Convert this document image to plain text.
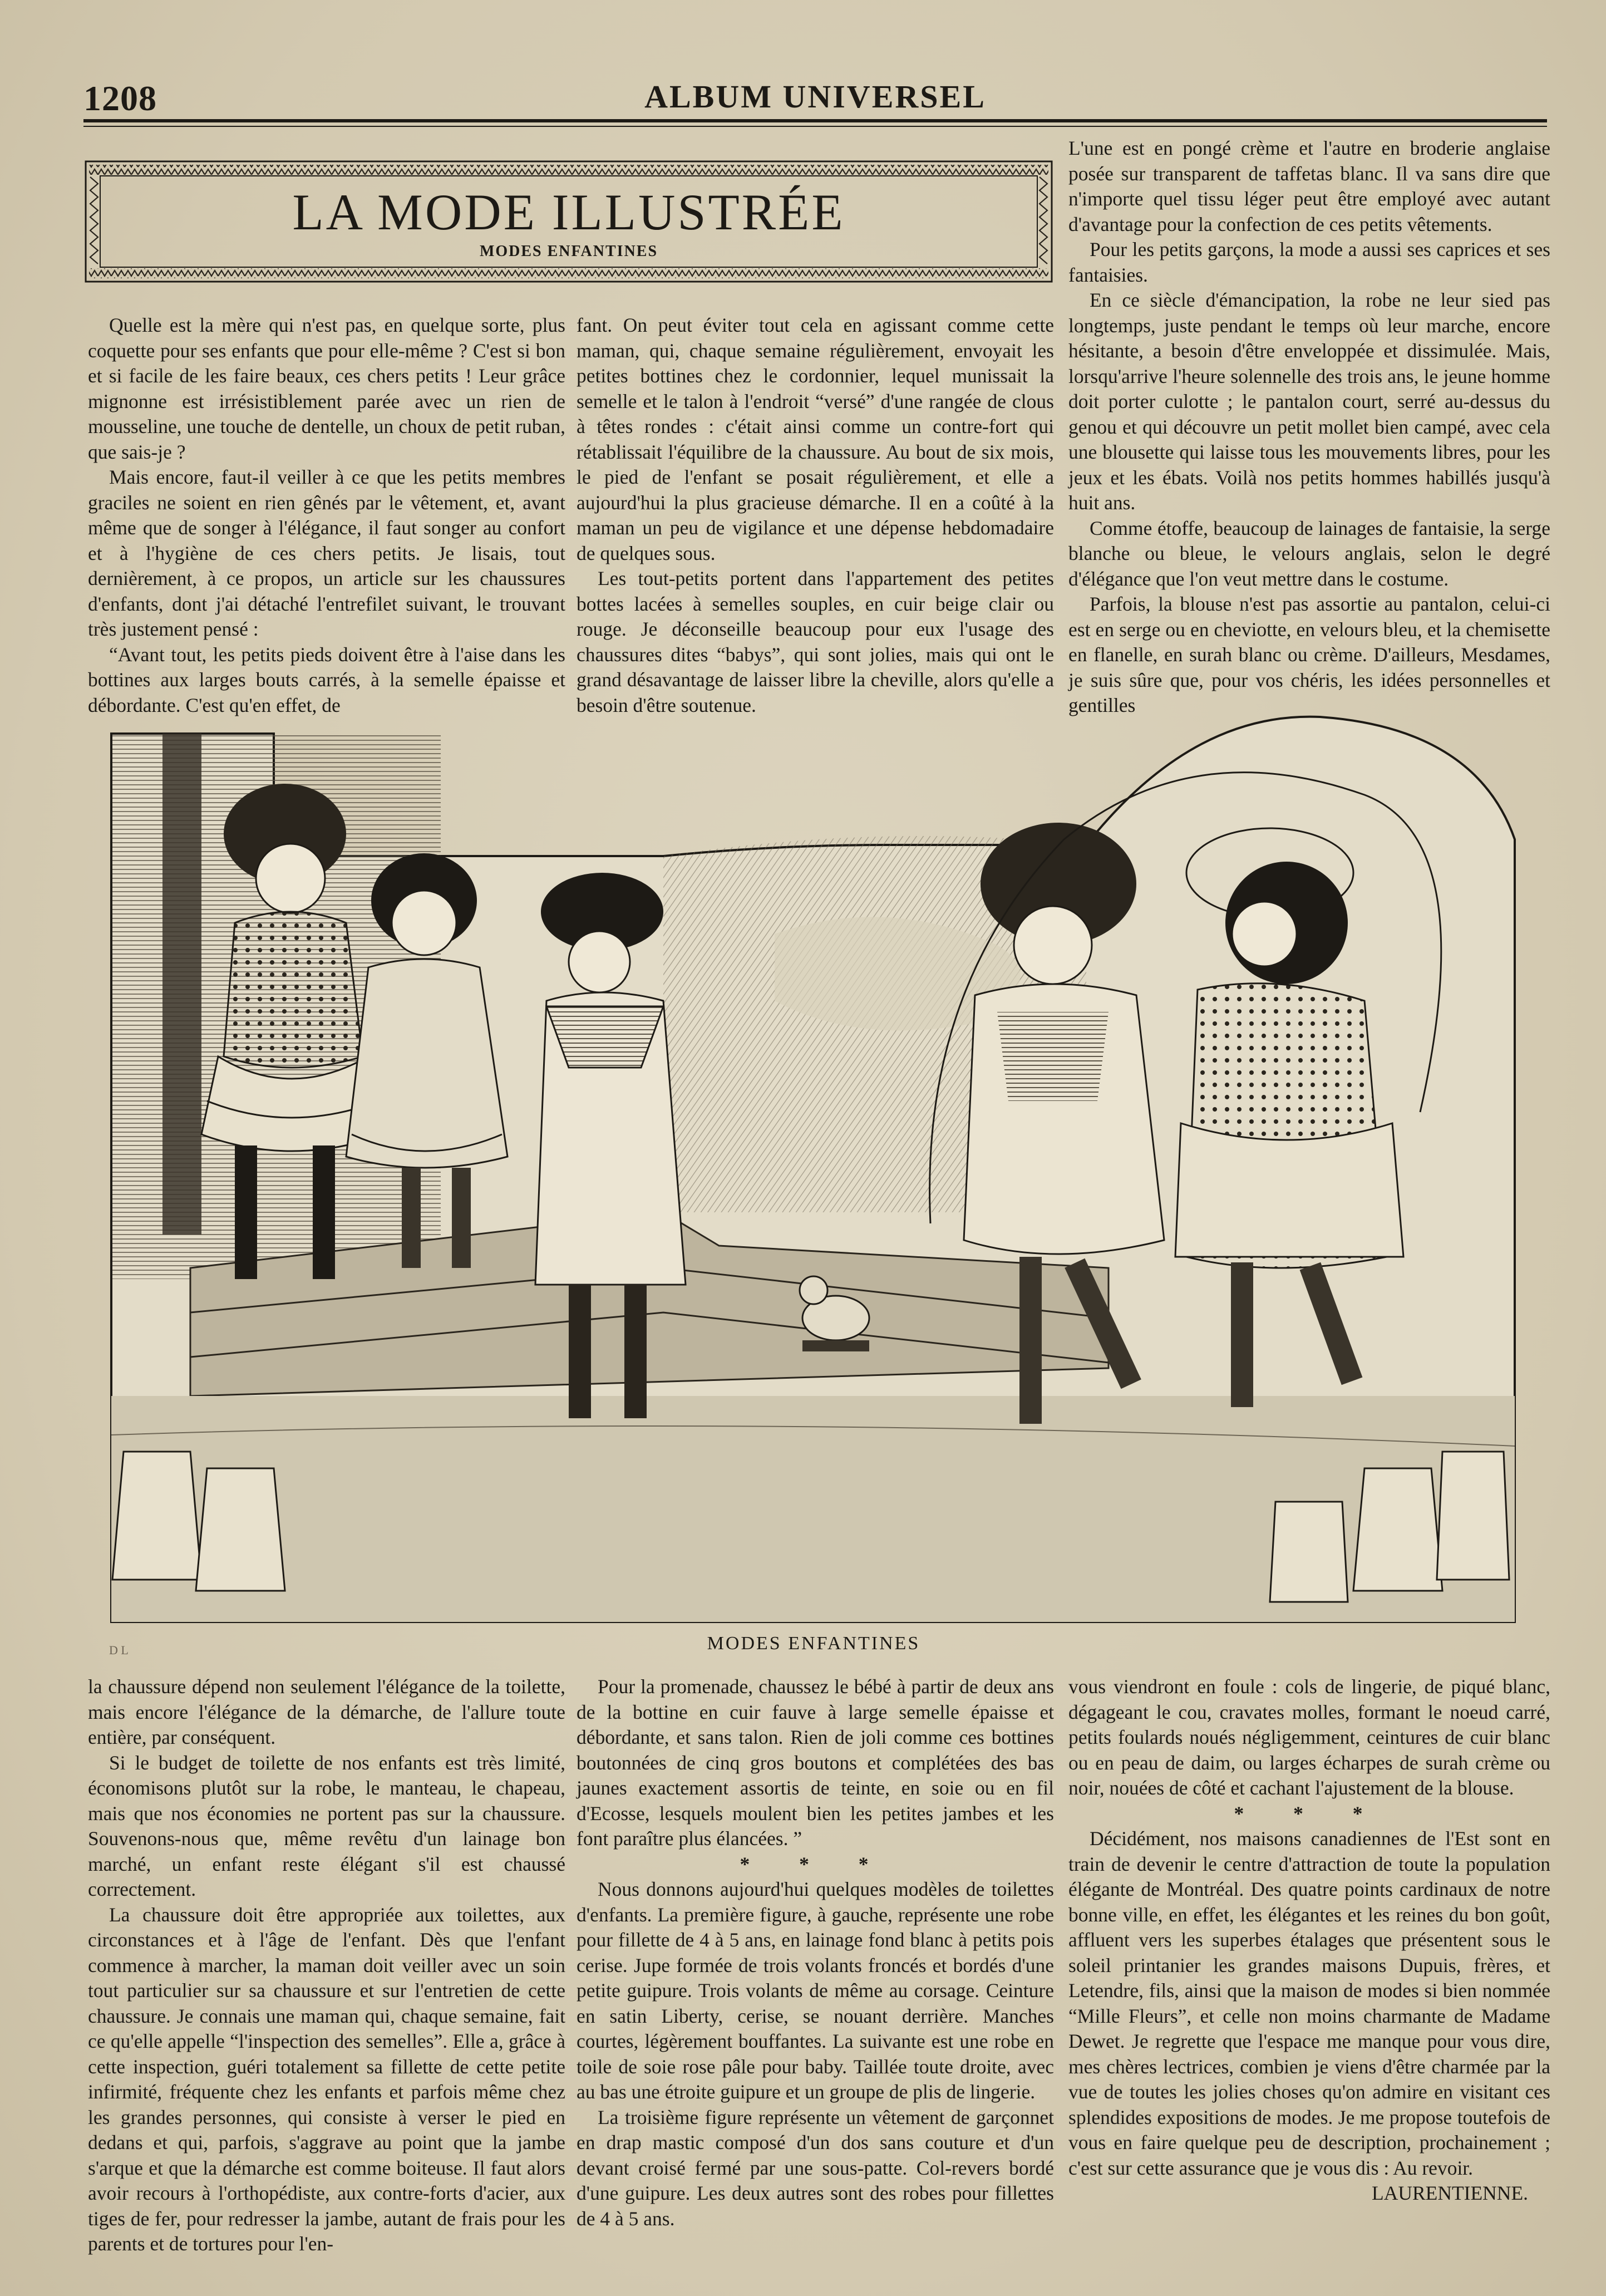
1208	ALBUM UNIVERSEL
LA MODE ILLUSTRÉE
MODES ENFANTINES

Quelle est la mère qui n'est pas, en quelque sorte, plus coquette pour ses enfants que pour elle-même ? C'est si bon et si facile de les faire beaux, ces chers petits ! Leur grâce mignonne est irrésistiblement parée avec un rien de mousseline, une touche de dentelle, un choux de petit ruban, que sais-je ?

Mais encore, faut-il veiller à ce que les petits membres graciles ne soient en rien gênés par le vêtement, et, avant même que de songer à l'élégance, il faut songer au confort et à l'hygiène de ces chers petits. Je lisais, tout dernièrement, à ce propos, un article sur les chaussures d'enfants, dont j'ai détaché l'entrefilet suivant, le trouvant très justement pensé :

“Avant tout, les petits pieds doivent être à l'aise dans les bottines aux larges bouts carrés, à la semelle épaisse et débordante. C'est qu'en effet, de

fant. On peut éviter tout cela en agissant comme cette maman, qui, chaque semaine régulièrement, envoyait les petites bottines chez le cordonnier, lequel munissait la semelle et le talon à l'endroit “versé” d'une rangée de clous à têtes rondes : c'était ainsi comme un contre-fort qui rétablissait l'équilibre de la chaussure. Au bout de six mois, le pied de l'enfant se posait régulièrement, et elle a aujourd'hui la plus gracieuse démarche. Il en a coûté à la maman un peu de vigilance et une dépense hebdomadaire de quelques sous.

Les tout-petits portent dans l'appartement des petites bottes lacées à semelles souples, en cuir beige clair ou rouge. Je déconseille beaucoup pour eux l'usage des chaussures dites “babys”, qui sont jolies, mais qui ont le grand désavantage de laisser libre la cheville, alors qu'elle a besoin d'être soutenue.

L'une est en pongé crème et l'autre en broderie anglaise posée sur transparent de taffetas blanc. Il va sans dire que n'importe quel tissu léger peut être employé avec autant d'avantage pour la confection de ces petits vêtements.

Pour les petits garçons, la mode a aussi ses caprices et ses fantaisies.

En ce siècle d'émancipation, la robe ne leur sied pas longtemps, juste pendant le temps où leur marche, encore hésitante, a besoin d'être enveloppée et dissimulée. Mais, lorsqu'arrive l'heure solennelle des trois ans, le jeune homme doit porter culotte ; le pantalon court, serré au-dessus du genou et qui découvre un petit mollet bien campé, avec cela une blousette qui laisse tous les mouvements libres, pour les jeux et les ébats. Voilà nos petits hommes habillés jusqu'à huit ans.

Comme étoffe, beaucoup de lainages de fantaisie, la serge blanche ou bleue, le velours anglais, selon le degré d'élégance que l'on veut mettre dans le costume.

Parfois, la blouse n'est pas assortie au pantalon, celui-ci est en serge ou en cheviotte, en velours bleu, et la chemisette en flanelle, en surah blanc ou crème. D'ailleurs, Mesdames, je suis sûre que, pour vos chéris, les idées personnelles et gentilles

MODES ENFANTINES
D L

la chaussure dépend non seulement l'élégance de la toilette, mais encore l'élégance de la démarche, de l'allure toute entière, par conséquent.

Si le budget de toilette de nos enfants est très limité, économisons plutôt sur la robe, le manteau, le chapeau, mais que nos économies ne portent pas sur la chaussure. Souvenons-nous que, même revêtu d'un lainage bon marché, un enfant reste élégant s'il est chaussé correctement.

La chaussure doit être appropriée aux toilettes, aux circonstances et à l'âge de l'enfant. Dès que l'enfant commence à marcher, la maman doit veiller avec un soin tout particulier sur sa chaussure et sur l'entretien de cette chaussure. Je connais une maman qui, chaque semaine, fait ce qu'elle appelle “l'inspection des semelles”. Elle a, grâce à cette inspection, guéri totalement sa fillette de cette petite infirmité, fréquente chez les enfants et parfois même chez les grandes personnes, qui consiste à verser le pied en dedans et qui, parfois, s'aggrave au point que la jambe s'arque et que la démarche est comme boiteuse. Il faut alors avoir recours à l'orthopédiste, aux contre-forts d'acier, aux tiges de fer, pour redresser la jambe, autant de frais pour les parents et de tortures pour l'en-

Pour la promenade, chaussez le bébé à partir de deux ans de la bottine en cuir fauve à large semelle épaisse et débordante, et sans talon. Rien de joli comme ces bottines boutonnées de cinq gros boutons et complétées des bas jaunes exactement assortis de teinte, en soie ou en fil d'Ecosse, lesquels moulent bien les petites jambes et les font paraître plus élancées. ”

* * *

Nous donnons aujourd'hui quelques modèles de toilettes d'enfants. La première figure, à gauche, représente une robe pour fillette de 4 à 5 ans, en lainage fond blanc à petits pois cerise. Jupe formée de trois volants froncés et bordés d'une petite guipure. Trois volants de même au corsage. Ceinture en satin Liberty, cerise, se nouant derrière. Manches courtes, légèrement bouffantes. La suivante est une robe en toile de soie rose pâle pour baby. Taillée toute droite, avec au bas une étroite guipure et un groupe de plis de lingerie.

La troisième figure représente un vêtement de garçonnet en drap mastic composé d'un dos sans couture et d'un devant croisé fermé par une sous-patte. Col-revers bordé d'une guipure. Les deux autres sont des robes pour fillettes de 4 à 5 ans.

vous viendront en foule : cols de lingerie, de piqué blanc, dégageant le cou, cravates molles, formant le noeud carré, petits foulards noués négligemment, ceintures de cuir blanc ou en peau de daim, ou larges écharpes de surah crème ou noir, nouées de côté et cachant l'ajustement de la blouse.

* * *

Décidément, nos maisons canadiennes de l'Est sont en train de devenir le centre d'attraction de toute la population élégante de Montréal. Des quatre points cardinaux de notre bonne ville, en effet, les élégantes et les reines du bon goût, affluent vers les superbes étalages que présentent sous le soleil printanier les grandes maisons Dupuis, frères, et Letendre, fils, ainsi que la maison de modes si bien nommée “Mille Fleurs”, et celle non moins charmante de Madame Dewet. Je regrette que l'espace me manque pour vous dire, mes chères lectrices, combien je viens d'être charmée par la vue de toutes les jolies choses qu'on admire en visitant ces splendides expositions de modes. Je me propose toutefois de vous en faire quelque peu de description, prochainement ; c'est sur cette assurance que je vous dis : Au revoir.

LAURENTIENNE.
